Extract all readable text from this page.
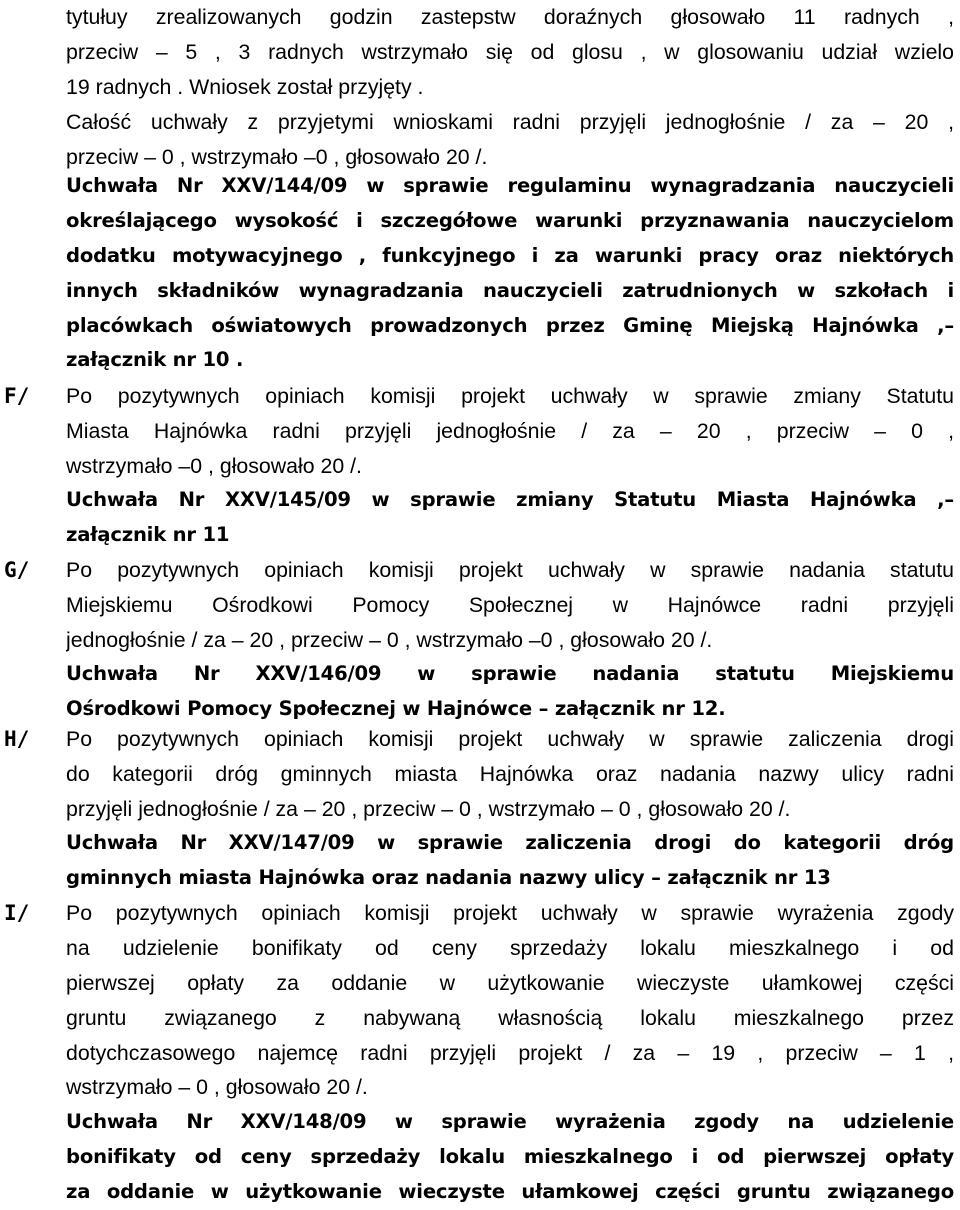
tytułuy zrealizowanych godzin zastepstw doraźnych głosowało 11 radnych ,
przeciw – 5 , 3 radnych wstrzymało się od glosu , w glosowaniu udział wzielo
19 radnych . Wniosek został przyjęty .
Całość uchwały z przyjetymi wnioskami radni przyjęli jednogłośnie / za – 20 ,
przeciw – 0 , wstrzymało –0 , głosowało 20 /.
Uchwała Nr XXV/144/09 w sprawie regulaminu wynagradzania nauczycieli
określającego wysokość i szczegółowe warunki przyznawania nauczycielom
dodatku motywacyjnego , funkcyjnego i za warunki pracy oraz niektórych
innych składników wynagradzania nauczycieli zatrudnionych w szkołach i
placówkach oświatowych prowadzonych przez Gminę Miejską Hajnówka ,–
załącznik nr 10 .
F/ Po pozytywnych opiniach komisji projekt uchwały w sprawie zmiany Statutu
Miasta Hajnówka radni przyjęli jednogłośnie / za – 20 , przeciw – 0 ,
wstrzymało –0 , głosowało 20 /.
Uchwała Nr XXV/145/09 w sprawie zmiany Statutu Miasta Hajnówka ,–
załącznik nr 11
G/ Po pozytywnych opiniach komisji projekt uchwały w sprawie nadania statutu
Miejskiemu Ośrodkowi Pomocy Społecznej w Hajnówce radni przyjęli
jednogłośnie / za – 20 , przeciw – 0 , wstrzymało –0 , głosowało 20 /.
Uchwała Nr XXV/146/09 w sprawie nadania statutu Miejskiemu
Ośrodkowi Pomocy Społecznej w Hajnówce – załącznik nr 12.
H/ Po pozytywnych opiniach komisji projekt uchwały w sprawie zaliczenia drogi
do kategorii dróg gminnych miasta Hajnówka oraz nadania nazwy ulicy radni
przyjęli jednogłośnie / za – 20 , przeciw – 0 , wstrzymało – 0 , głosowało 20 /.
Uchwała Nr XXV/147/09 w sprawie zaliczenia drogi do kategorii dróg
gminnych miasta Hajnówka oraz nadania nazwy ulicy – załącznik nr 13
I/ Po pozytywnych opiniach komisji projekt uchwały w sprawie wyrażenia zgody
na udzielenie bonifikaty od ceny sprzedaży lokalu mieszkalnego i od
pierwszej opłaty za oddanie w użytkowanie wieczyste ułamkowej części
gruntu związanego z nabywaną własnością lokalu mieszkalnego przez
dotychczasowego najemcę radni przyjęli projekt / za – 19 , przeciw – 1 ,
wstrzymało – 0 , głosowało 20 /.
Uchwała Nr XXV/148/09 w sprawie wyrażenia zgody na udzielenie
bonifikaty od ceny sprzedaży lokalu mieszkalnego i od pierwszej opłaty
za oddanie w użytkowanie wieczyste ułamkowej części gruntu związanego
